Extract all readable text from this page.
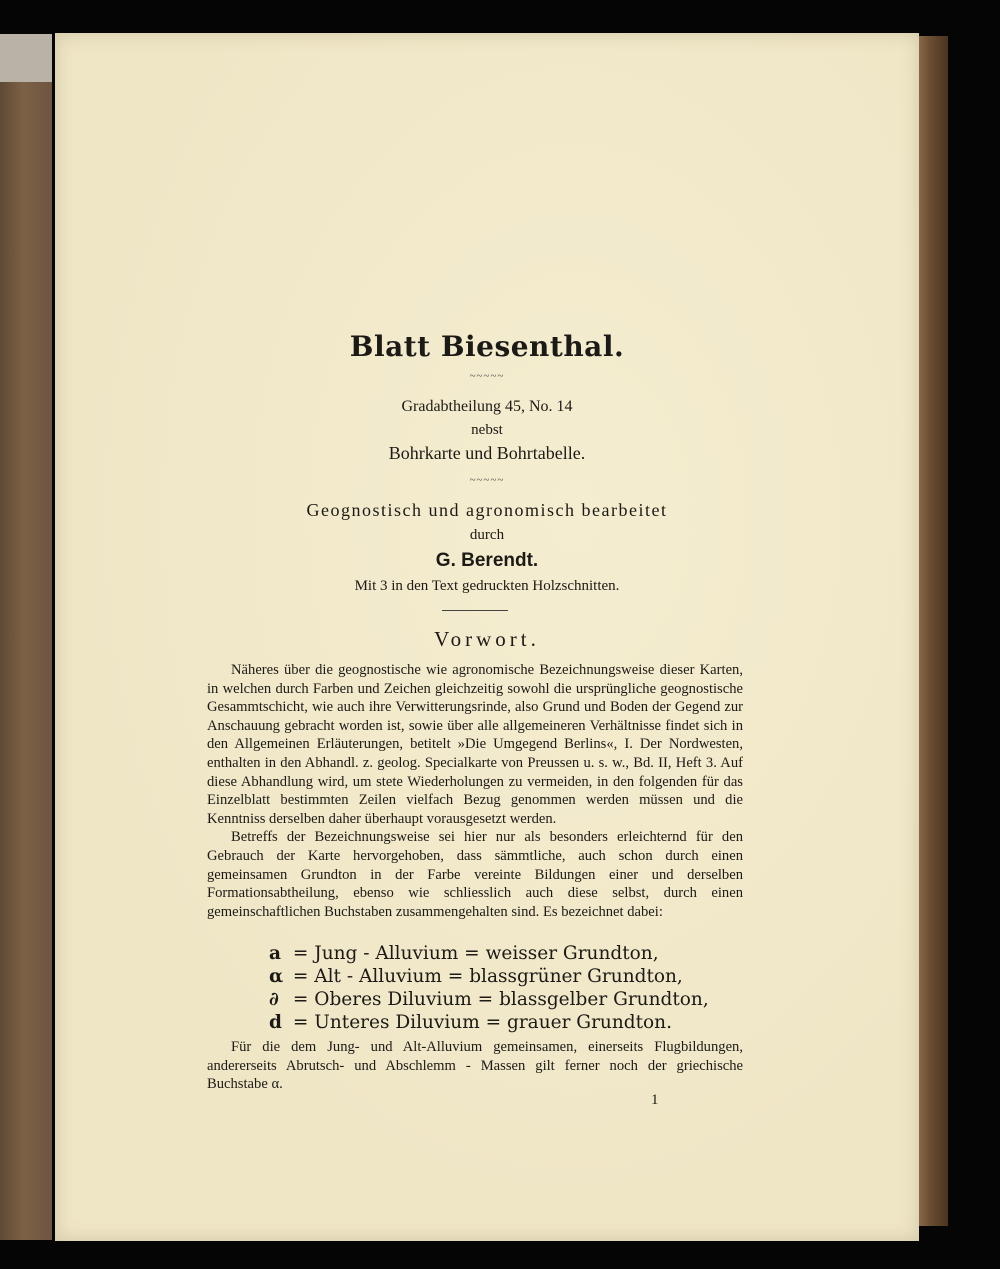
Blatt Biesenthal.
~~~~~
Gradabtheilung 45, No. 14
nebst
Bohrkarte und Bohrtabelle.
~~~~~
Geognostisch und agronomisch bearbeitet
durch
G. Berendt.
Mit 3 in den Text gedruckten Holzschnitten.
Vorwort.

Näheres über die geognostische wie agronomische Bezeichnungsweise dieser Karten, in welchen durch Farben und Zeichen gleichzeitig sowohl die ursprüngliche geognostische Gesammtschicht, wie auch ihre Verwitterungsrinde, also Grund und Boden der Gegend zur Anschauung gebracht worden ist, sowie über alle allgemeineren Verhältnisse findet sich in den Allgemeinen Erläuterungen, betitelt »Die Umgegend Berlins«, I. Der Nordwesten, enthalten in den Abhandl. z. geolog. Specialkarte von Preussen u. s. w., Bd. II, Heft 3. Auf diese Abhandlung wird, um stete Wiederholungen zu vermeiden, in den folgenden für das Einzelblatt bestimmten Zeilen vielfach Bezug genommen werden müssen und die Kenntniss derselben daher überhaupt vorausgesetzt werden.

Betreffs der Bezeichnungsweise sei hier nur als besonders erleichternd für den Gebrauch der Karte hervorgehoben, dass sämmtliche, auch schon durch einen gemeinsamen Grundton in der Farbe vereinte Bildungen einer und derselben Formationsabtheilung, ebenso wie schliesslich auch diese selbst, durch einen gemeinschaftlichen Buchstaben zusammengehalten sind. Es bezeichnet dabei:

a = Jung - Alluvium = weisser Grundton,
α = Alt - Alluvium = blassgrüner Grundton,
∂ = Oberes Diluvium = blassgelber Grundton,
d = Unteres Diluvium = grauer Grundton.

Für die dem Jung- und Alt-Alluvium gemeinsamen, einerseits Flugbildungen, andererseits Abrutsch- und Abschlemm - Massen gilt ferner noch der griechische Buchstabe α.

1
